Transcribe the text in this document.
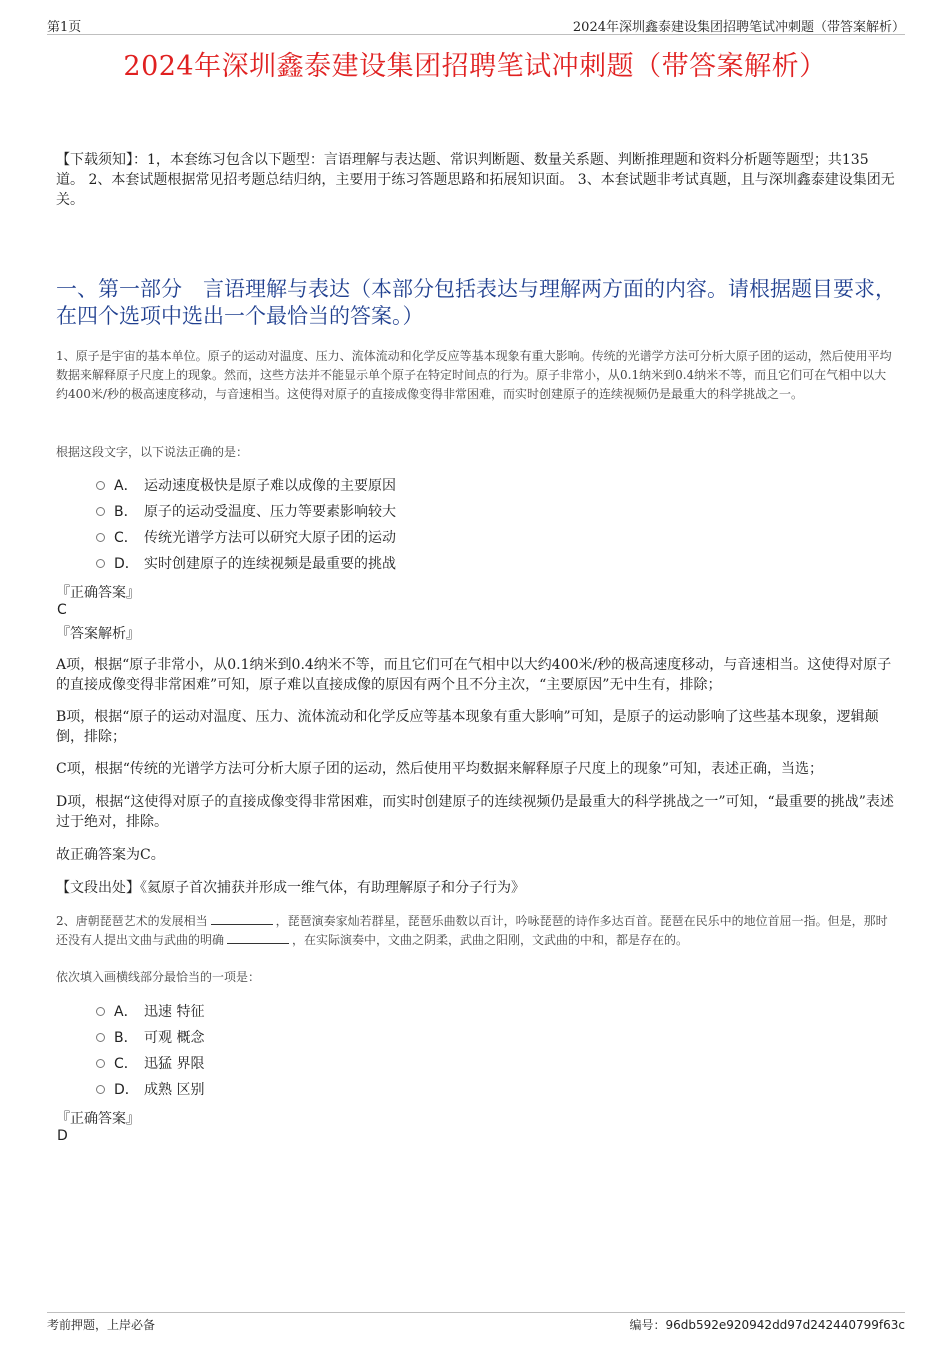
第1页	2024年深圳鑫泰建设集团招聘笔试冲刺题（带答案解析）
2024年深圳鑫泰建设集团招聘笔试冲刺题（带答案解析）
【下载须知】：1，本套练习包含以下题型：言语理解与表达题、常识判断题、数量关系题、判断推理题和资料分析题等题型；共135道。 2、本套试题根据常见招考题总结归纳，主要用于练习答题思路和拓展知识面。 3、本套试题非考试真题，且与深圳鑫泰建设集团无关。
一、第一部分　言语理解与表达（本部分包括表达与理解两方面的内容。请根据题目要求，在四个选项中选出一个最恰当的答案。）
1、原子是宇宙的基本单位。原子的运动对温度、压力、流体流动和化学反应等基本现象有重大影响。传统的光谱学方法可分析大原子团的运动，然后使用平均数据来解释原子尺度上的现象。然而，这些方法并不能显示单个原子在特定时间点的行为。原子非常小，从0.1纳米到0.4纳米不等，而且它们可在气相中以大约400米/秒的极高速度移动，与音速相当。这使得对原子的直接成像变得非常困难，而实时创建原子的连续视频仍是最重大的科学挑战之一。
根据这段文字，以下说法正确的是：
A． 运动速度极快是原子难以成像的主要原因
B． 原子的运动受温度、压力等要素影响较大
C． 传统光谱学方法可以研究大原子团的运动
D． 实时创建原子的连续视频是最重要的挑战
『正确答案』
C
『答案解析』
A项，根据“原子非常小，从0.1纳米到0.4纳米不等，而且它们可在气相中以大约400米/秒的极高速度移动，与音速相当。这使得对原子的直接成像变得非常困难”可知，原子难以直接成像的原因有两个且不分主次，“主要原因”无中生有，排除；
B项，根据“原子的运动对温度、压力、流体流动和化学反应等基本现象有重大影响”可知，是原子的运动影响了这些基本现象，逻辑颠倒，排除；
C项，根据“传统的光谱学方法可分析大原子团的运动，然后使用平均数据来解释原子尺度上的现象”可知，表述正确，当选；
D项，根据“这使得对原子的直接成像变得非常困难，而实时创建原子的连续视频仍是最重大的科学挑战之一”可知，“最重要的挑战”表述过于绝对，排除。
故正确答案为C。
【文段出处】《氦原子首次捕获并形成一维气体，有助理解原子和分子行为》
2、唐朝琵琶艺术的发展相当	，琵琶演奏家灿若群星，琵琶乐曲数以百计，吟咏琵琶的诗作多达百首。琵琶在民乐中的地位首屈一指。但是，那时还没有人提出文曲与武曲的明确	，在实际演奏中，文曲之阴柔，武曲之阳刚，文武曲的中和，都是存在的。
依次填入画横线部分最恰当的一项是：
A． 迅速 特征
B． 可观 概念
C． 迅猛 界限
D． 成熟 区别
『正确答案』
D
考前押题，上岸必备	编号：96db592e920942dd97d242440799f63c
